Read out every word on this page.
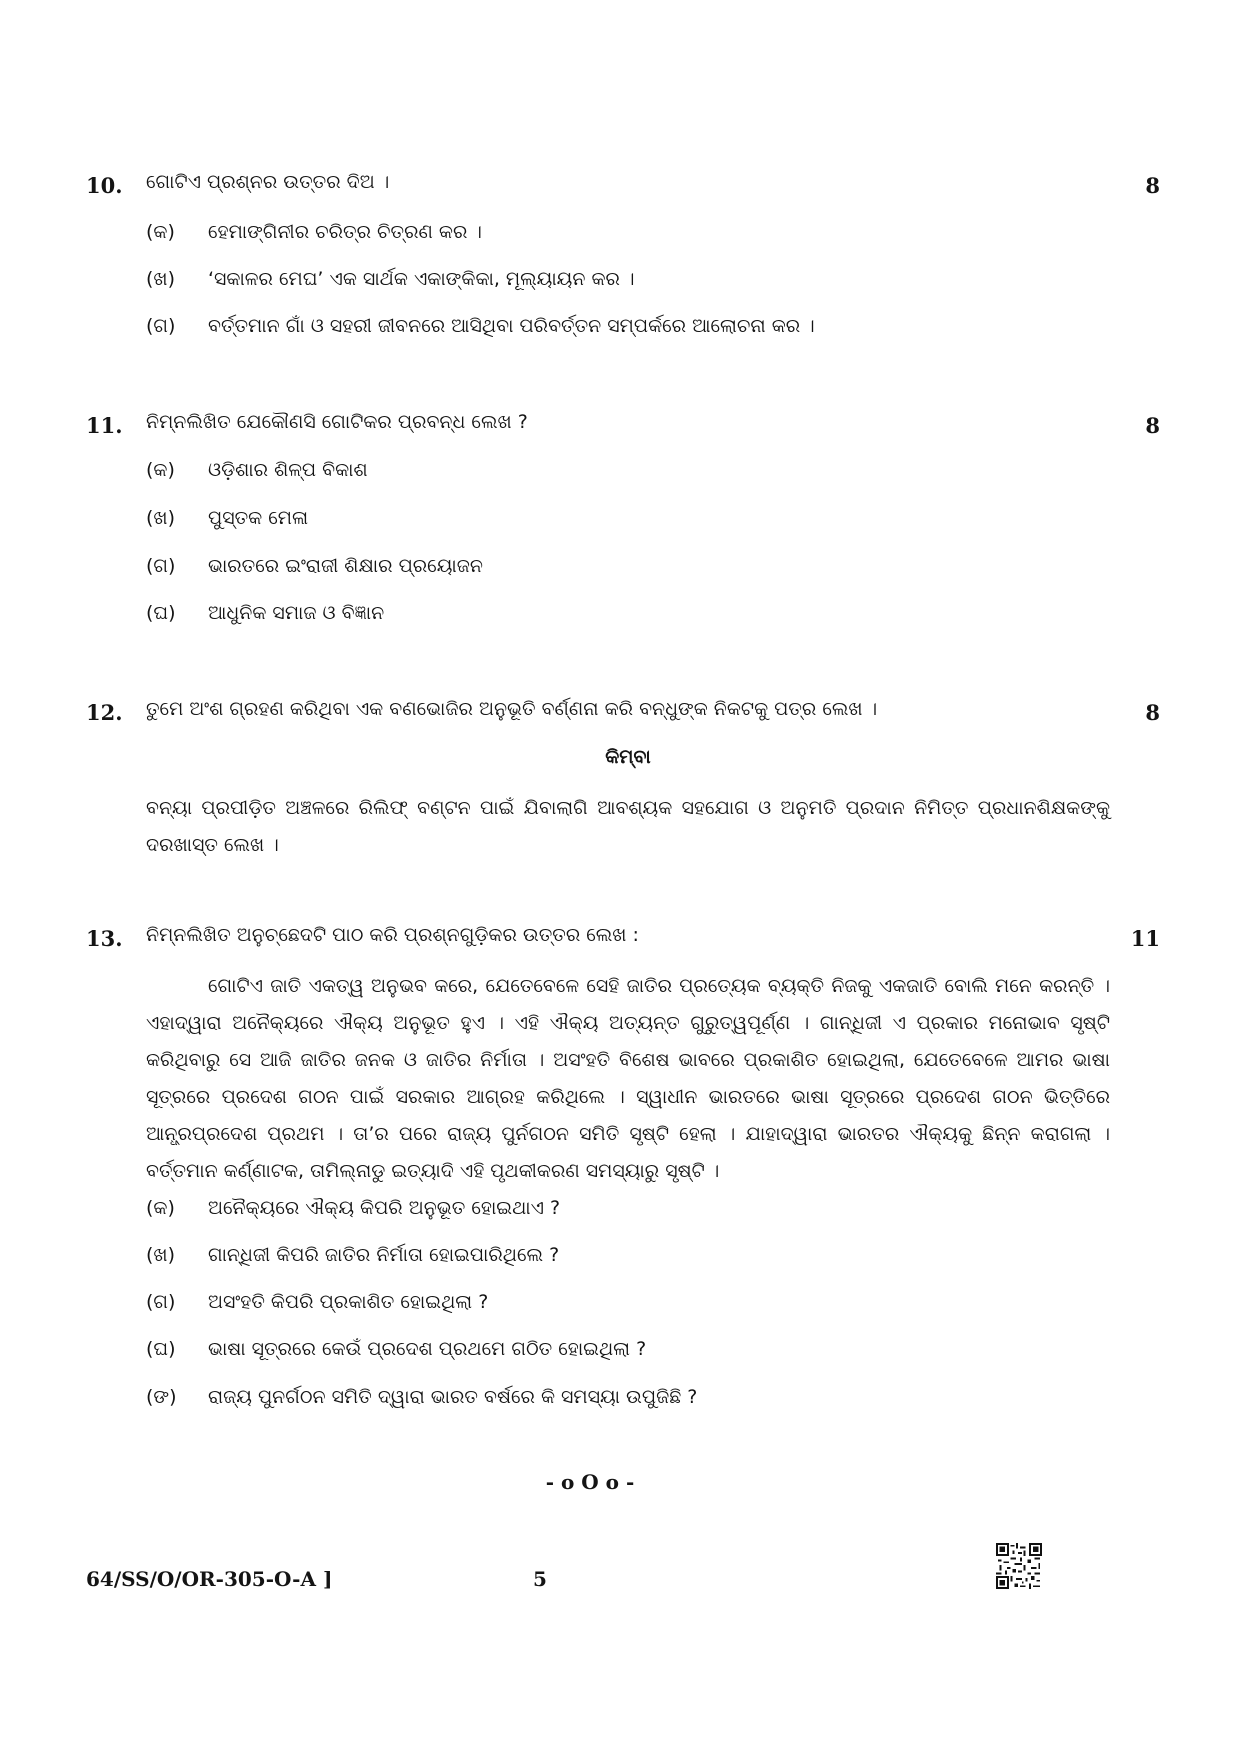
10. ଗୋଟିଏ ପ୍ରଶ୍ନର ଉତ୍ତର ଦିଅ ।	8
(କ) ହେମାଙ୍ଗିନୀର ଚରିତ୍ର ଚିତ୍ରଣ କର ।
(ଖ) ‘ସକାଳର ମେଘ’ ଏକ ସାର୍ଥକ ଏକାଙ୍କିକା, ମୂଲ୍ୟାୟନ କର ।
(ଗ) ବର୍ତ୍ତମାନ ଗାଁ ଓ ସହରୀ ଜୀବନରେ ଆସିଥିବା ପରିବର୍ତ୍ତନ ସମ୍ପର୍କରେ ଆଲୋଚନା କର ।
11. ନିମ୍ନଲିଖିତ ଯେକୌଣସି ଗୋଟିକର ପ୍ରବନ୍ଧ ଲେଖ ?	8
(କ) ଓଡ଼ିଶାର ଶିଳ୍ପ ବିକାଶ
(ଖ) ପୁସ୍ତକ ମେଳା
(ଗ) ଭାରତରେ ଇଂରାଜୀ ଶିକ୍ଷାର ପ୍ରୟୋଜନ
(ଘ) ଆଧୁନିକ ସମାଜ ଓ ବିଜ୍ଞାନ
12. ତୁମେ ଅଂଶ ଗ୍ରହଣ କରିଥିବା ଏକ ବଣଭୋଜିର ଅନୁଭୂତି ବର୍ଣ୍ଣନା କରି ବନ୍ଧୁଙ୍କ ନିକଟକୁ ପତ୍ର ଲେଖ ।	8
କିମ୍ବା
ବନ୍ୟା ପ୍ରପୀଡ଼ିତ ଅଞ୍ଚଳରେ ରିଲିଫ୍ ବଣ୍ଟନ ପାଇଁ ଯିବାଲାଗି ଆବଶ୍ୟକ ସହଯୋଗ ଓ ଅନୁମତି ପ୍ରଦାନ ନିମିତ୍ତ ପ୍ରଧାନଶିକ୍ଷକଙ୍କୁ ଦରଖାସ୍ତ ଲେଖ ।
13. ନିମ୍ନଲିଖିତ ଅନୁଚ୍ଛେଦଟି ପାଠ କରି ପ୍ରଶ୍ନଗୁଡ଼ିକର ଉତ୍ତର ଲେଖ :	11
ଗୋଟିଏ ଜାତି ଏକତ୍ୱ ଅନୁଭବ କରେ, ଯେତେବେଳେ ସେହି ଜାତିର ପ୍ରତ୍ୟେକ ବ୍ୟକ୍ତି ନିଜକୁ ଏକଜାତି ବୋଲି ମନେ କରନ୍ତି । ଏହାଦ୍ୱାରା ଅନୈକ୍ୟରେ ଐକ୍ୟ ଅନୁଭୂତ ହୁଏ । ଏହି ଐକ୍ୟ ଅତ୍ୟନ୍ତ ଗୁରୁତ୍ୱପୂର୍ଣ୍ଣ । ଗାନ୍ଧିଜୀ ଏ ପ୍ରକାର ମନୋଭାବ ସୃଷ୍ଟି କରିଥିବାରୁ ସେ ଆଜି ଜାତିର ଜନକ ଓ ଜାତିର ନିର୍ମାତା । ଅସଂହତି ବିଶେଷ ଭାବରେ ପ୍ରକାଶିତ ହୋଇଥିଲା, ଯେତେବେଳେ ଆମର ଭାଷା ସୂତ୍ରରେ ପ୍ରଦେଶ ଗଠନ ପାଇଁ ସରକାର ଆଗ୍ରହ କରିଥିଲେ । ସ୍ୱାଧୀନ ଭାରତରେ ଭାଷା ସୂତ୍ରରେ ପ୍ରଦେଶ ଗଠନ ଭିତ୍ତିରେ ଆନ୍ଧ୍ରପ୍ରଦେଶ ପ୍ରଥମ । ତା’ର ପରେ ରାଜ୍ୟ ପୁର୍ନଗଠନ ସମିତି ସୃଷ୍ଟି ହେଲା । ଯାହାଦ୍ୱାରା ଭାରତର ଐକ୍ୟକୁ ଛିନ୍ନ କରାଗଲା । ବର୍ତ୍ତମାନ କର୍ଣ୍ଣାଟକ, ତାମିଲ୍‌ନାଡୁ ଇତ୍ୟାଦି ଏହି ପୃଥକୀକରଣ ସମସ୍ୟାରୁ ସୃଷ୍ଟି ।
(କ) ଅନୈକ୍ୟରେ ଐକ୍ୟ କିପରି ଅନୁଭୂତ ହୋଇଥାଏ ?
(ଖ) ଗାନ୍ଧିଜୀ କିପରି ଜାତିର ନିର୍ମାତା ହୋଇପାରିଥିଲେ ?
(ଗ) ଅସଂହତି କିପରି ପ୍ରକାଶିତ ହୋଇଥିଲା ?
(ଘ) ଭାଷା ସୂତ୍ରରେ କେଉଁ ପ୍ରଦେଶ ପ୍ରଥମେ ଗଠିତ ହୋଇଥିଲା ?
(ଙ) ରାଜ୍ୟ ପୁନର୍ଗଠନ ସମିତି ଦ୍ୱାରା ଭାରତ ବର୍ଷରେ କି ସମସ୍ୟା ଉପୁଜିଛି ?
- o O o -
64/SS/O/OR-305-O-A ]	5
